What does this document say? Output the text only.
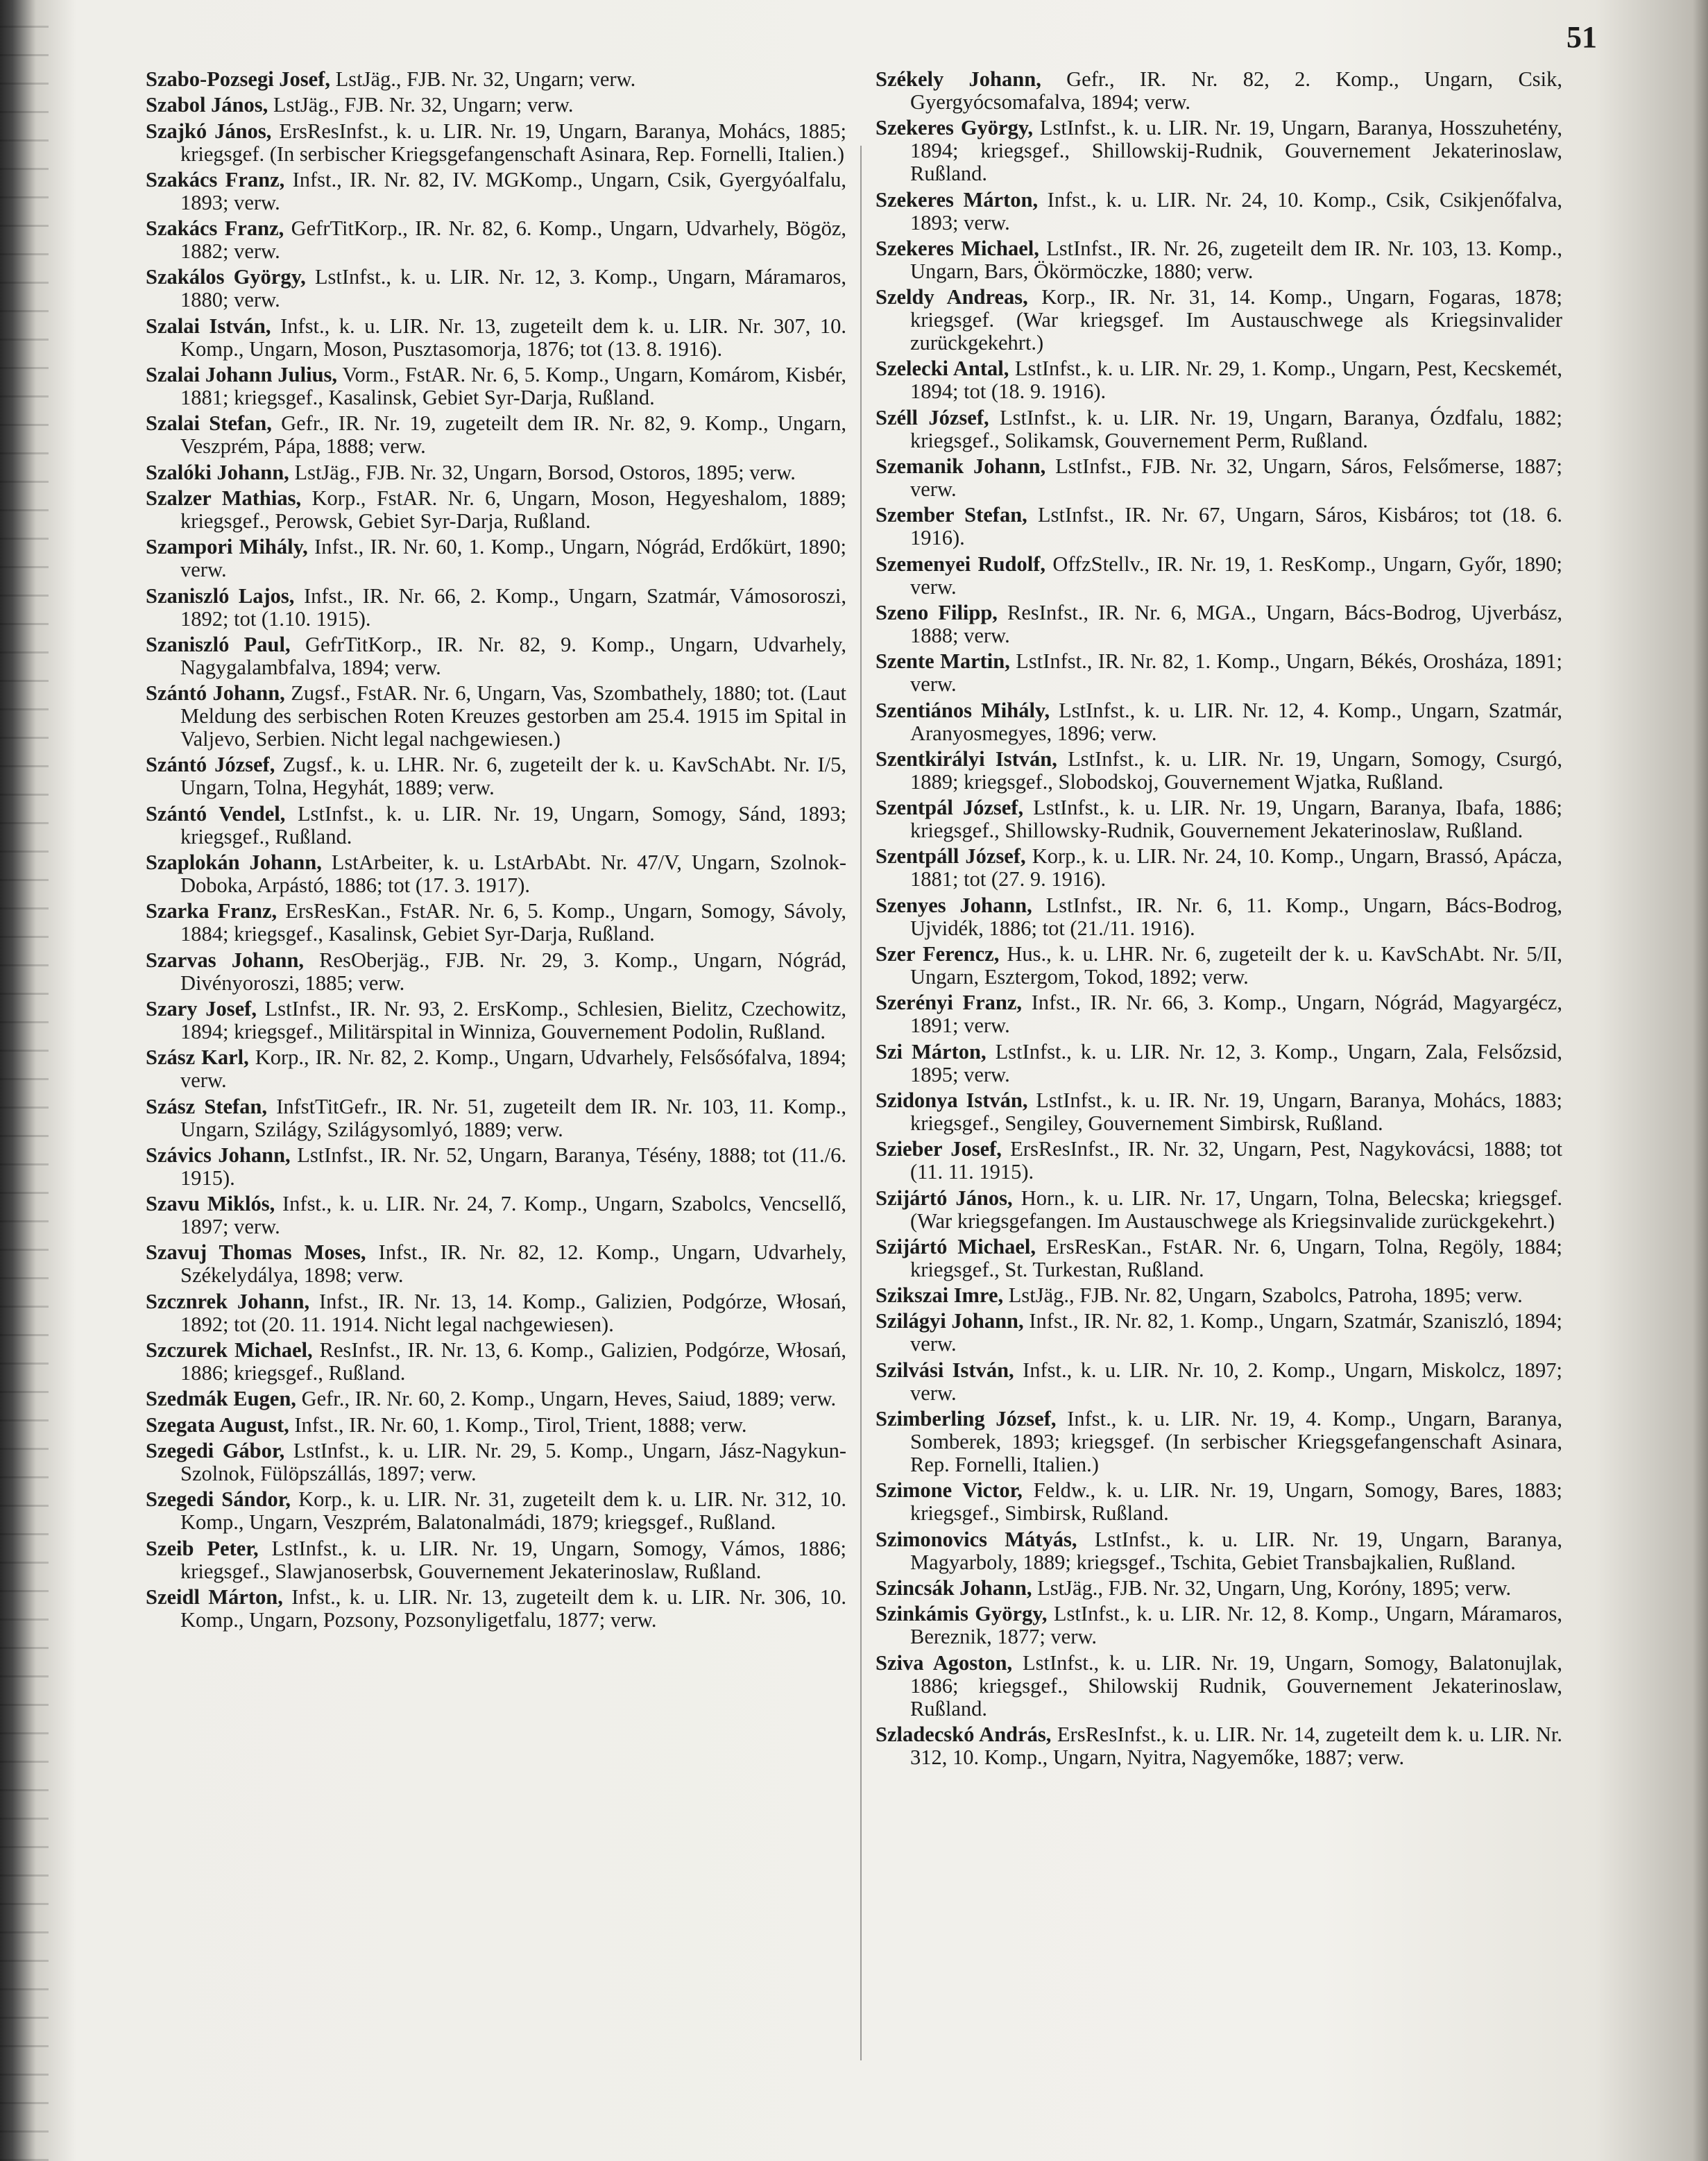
51

Szabo-Pozsegi Josef, LstJäg., FJB. Nr. 32, Ungarn; verw.

Szabol János, LstJäg., FJB. Nr. 32, Ungarn; verw.

Szajkó János, ErsResInfst., k. u. LIR. Nr. 19, Ungarn, Baranya, Mohács, 1885; kriegsgef. (In serbischer Kriegsgefangenschaft Asinara, Rep. Fornelli, Italien.)

Szakács Franz, Infst., IR. Nr. 82, IV. MGKomp., Ungarn, Csik, Gyergyóalfalu, 1893; verw.

Szakács Franz, GefrTitKorp., IR. Nr. 82, 6. Komp., Ungarn, Udvarhely, Bögöz, 1882; verw.

Szakálos György, LstInfst., k. u. LIR. Nr. 12, 3. Komp., Ungarn, Máramaros, 1880; verw.

Szalai István, Infst., k. u. LIR. Nr. 13, zugeteilt dem k. u. LIR. Nr. 307, 10. Komp., Ungarn, Moson, Pusztasomorja, 1876; tot (13. 8. 1916).

Szalai Johann Julius, Vorm., FstAR. Nr. 6, 5. Komp., Ungarn, Komárom, Kisbér, 1881; kriegsgef., Kasalinsk, Gebiet Syr-Darja, Rußland.

Szalai Stefan, Gefr., IR. Nr. 19, zugeteilt dem IR. Nr. 82, 9. Komp., Ungarn, Veszprém, Pápa, 1888; verw.

Szalóki Johann, LstJäg., FJB. Nr. 32, Ungarn, Borsod, Ostoros, 1895; verw.

Szalzer Mathias, Korp., FstAR. Nr. 6, Ungarn, Moson, Hegyeshalom, 1889; kriegsgef., Perowsk, Gebiet Syr-Darja, Rußland.

Szampori Mihály, Infst., IR. Nr. 60, 1. Komp., Ungarn, Nógrád, Erdőkürt, 1890; verw.

Szaniszló Lajos, Infst., IR. Nr. 66, 2. Komp., Ungarn, Szatmár, Vámosoroszi, 1892; tot (1.10. 1915).

Szaniszló Paul, GefrTitKorp., IR. Nr. 82, 9. Komp., Ungarn, Udvarhely, Nagygalambfalva, 1894; verw.

Szántó Johann, Zugsf., FstAR. Nr. 6, Ungarn, Vas, Szombathely, 1880; tot. (Laut Meldung des serbischen Roten Kreuzes gestorben am 25.4. 1915 im Spital in Valjevo, Serbien. Nicht legal nachgewiesen.)

Szántó József, Zugsf., k. u. LHR. Nr. 6, zugeteilt der k. u. KavSchAbt. Nr. I/5, Ungarn, Tolna, Hegyhát, 1889; verw.

Szántó Vendel, LstInfst., k. u. LIR. Nr. 19, Ungarn, Somogy, Sánd, 1893; kriegsgef., Rußland.

Szaplokán Johann, LstArbeiter, k. u. LstArbAbt. Nr. 47/V, Ungarn, Szolnok-Doboka, Arpástó, 1886; tot (17. 3. 1917).

Szarka Franz, ErsResKan., FstAR. Nr. 6, 5. Komp., Ungarn, Somogy, Sávoly, 1884; kriegsgef., Kasalinsk, Gebiet Syr-Darja, Rußland.

Szarvas Johann, ResOberjäg., FJB. Nr. 29, 3. Komp., Ungarn, Nógrád, Divényoroszi, 1885; verw.

Szary Josef, LstInfst., IR. Nr. 93, 2. ErsKomp., Schlesien, Bielitz, Czechowitz, 1894; kriegsgef., Militärspital in Winniza, Gouvernement Podolin, Rußland.

Szász Karl, Korp., IR. Nr. 82, 2. Komp., Ungarn, Udvarhely, Felsősófalva, 1894; verw.

Szász Stefan, InfstTitGefr., IR. Nr. 51, zugeteilt dem IR. Nr. 103, 11. Komp., Ungarn, Szilágy, Szilágysomlyó, 1889; verw.

Szávics Johann, LstInfst., IR. Nr. 52, Ungarn, Baranya, Tésény, 1888; tot (11./6. 1915).

Szavu Miklós, Infst., k. u. LIR. Nr. 24, 7. Komp., Ungarn, Szabolcs, Vencsellő, 1897; verw.

Szavuj Thomas Moses, Infst., IR. Nr. 82, 12. Komp., Ungarn, Udvarhely, Székelydálya, 1898; verw.

Szcznrek Johann, Infst., IR. Nr. 13, 14. Komp., Galizien, Podgórze, Włosań, 1892; tot (20. 11. 1914. Nicht legal nachgewiesen).

Szczurek Michael, ResInfst., IR. Nr. 13, 6. Komp., Galizien, Podgórze, Włosań, 1886; kriegsgef., Rußland.

Szedmák Eugen, Gefr., IR. Nr. 60, 2. Komp., Ungarn, Heves, Saiud, 1889; verw.

Szegata August, Infst., IR. Nr. 60, 1. Komp., Tirol, Trient, 1888; verw.

Szegedi Gábor, LstInfst., k. u. LIR. Nr. 29, 5. Komp., Ungarn, Jász-Nagykun-Szolnok, Fülöpszállás, 1897; verw.

Szegedi Sándor, Korp., k. u. LIR. Nr. 31, zugeteilt dem k. u. LIR. Nr. 312, 10. Komp., Ungarn, Veszprém, Balatonalmádi, 1879; kriegsgef., Rußland.

Szeib Peter, LstInfst., k. u. LIR. Nr. 19, Ungarn, Somogy, Vámos, 1886; kriegsgef., Slawjanoserbsk, Gouvernement Jekaterinoslaw, Rußland.

Szeidl Márton, Infst., k. u. LIR. Nr. 13, zugeteilt dem k. u. LIR. Nr. 306, 10. Komp., Ungarn, Pozsony, Pozsonyligetfalu, 1877; verw.

Székely Johann, Gefr., IR. Nr. 82, 2. Komp., Ungarn, Csik, Gyergyócsomafalva, 1894; verw.

Szekeres György, LstInfst., k. u. LIR. Nr. 19, Ungarn, Baranya, Hosszuhetény, 1894; kriegsgef., Shillowskij-Rudnik, Gouvernement Jekaterinoslaw, Rußland.

Szekeres Márton, Infst., k. u. LIR. Nr. 24, 10. Komp., Csik, Csikjenőfalva, 1893; verw.

Szekeres Michael, LstInfst., IR. Nr. 26, zugeteilt dem IR. Nr. 103, 13. Komp., Ungarn, Bars, Ökörmöczke, 1880; verw.

Szeldy Andreas, Korp., IR. Nr. 31, 14. Komp., Ungarn, Fogaras, 1878; kriegsgef. (War kriegsgef. Im Austauschwege als Kriegsinvalider zurückgekehrt.)

Szelecki Antal, LstInfst., k. u. LIR. Nr. 29, 1. Komp., Ungarn, Pest, Kecskemét, 1894; tot (18. 9. 1916).

Széll József, LstInfst., k. u. LIR. Nr. 19, Ungarn, Baranya, Ózdfalu, 1882; kriegsgef., Solikamsk, Gouvernement Perm, Rußland.

Szemanik Johann, LstInfst., FJB. Nr. 32, Ungarn, Sáros, Felsőmerse, 1887; verw.

Szember Stefan, LstInfst., IR. Nr. 67, Ungarn, Sáros, Kisbáros; tot (18. 6. 1916).

Szemenyei Rudolf, OffzStellv., IR. Nr. 19, 1. ResKomp., Ungarn, Győr, 1890; verw.

Szeno Filipp, ResInfst., IR. Nr. 6, MGA., Ungarn, Bács-Bodrog, Ujverbász, 1888; verw.

Szente Martin, LstInfst., IR. Nr. 82, 1. Komp., Ungarn, Békés, Orosháza, 1891; verw.

Szentiános Mihály, LstInfst., k. u. LIR. Nr. 12, 4. Komp., Ungarn, Szatmár, Aranyosmegyes, 1896; verw.

Szentkirályi István, LstInfst., k. u. LIR. Nr. 19, Ungarn, Somogy, Csurgó, 1889; kriegsgef., Slobodskoj, Gouvernement Wjatka, Rußland.

Szentpál József, LstInfst., k. u. LIR. Nr. 19, Ungarn, Baranya, Ibafa, 1886; kriegsgef., Shillowsky-Rudnik, Gouvernement Jekaterinoslaw, Rußland.

Szentpáll József, Korp., k. u. LIR. Nr. 24, 10. Komp., Ungarn, Brassó, Apácza, 1881; tot (27. 9. 1916).

Szenyes Johann, LstInfst., IR. Nr. 6, 11. Komp., Ungarn, Bács-Bodrog, Ujvidék, 1886; tot (21./11. 1916).

Szer Ferencz, Hus., k. u. LHR. Nr. 6, zugeteilt der k. u. KavSchAbt. Nr. 5/II, Ungarn, Esztergom, Tokod, 1892; verw.

Szerényi Franz, Infst., IR. Nr. 66, 3. Komp., Ungarn, Nógrád, Magyargécz, 1891; verw.

Szi Márton, LstInfst., k. u. LIR. Nr. 12, 3. Komp., Ungarn, Zala, Felsőzsid, 1895; verw.

Szidonya István, LstInfst., k. u. IR. Nr. 19, Ungarn, Baranya, Mohács, 1883; kriegsgef., Sengiley, Gouvernement Simbirsk, Rußland.

Szieber Josef, ErsResInfst., IR. Nr. 32, Ungarn, Pest, Nagykovácsi, 1888; tot (11. 11. 1915).

Szijártó János, Horn., k. u. LIR. Nr. 17, Ungarn, Tolna, Belecska; kriegsgef. (War kriegsgefangen. Im Austauschwege als Kriegsinvalide zurückgekehrt.)

Szijártó Michael, ErsResKan., FstAR. Nr. 6, Ungarn, Tolna, Regöly, 1884; kriegsgef., St. Turkestan, Rußland.

Szikszai Imre, LstJäg., FJB. Nr. 82, Ungarn, Szabolcs, Patroha, 1895; verw.

Szilágyi Johann, Infst., IR. Nr. 82, 1. Komp., Ungarn, Szatmár, Szaniszló, 1894; verw.

Szilvási István, Infst., k. u. LIR. Nr. 10, 2. Komp., Ungarn, Miskolcz, 1897; verw.

Szimberling József, Infst., k. u. LIR. Nr. 19, 4. Komp., Ungarn, Baranya, Somberek, 1893; kriegsgef. (In serbischer Kriegsgefangenschaft Asinara, Rep. Fornelli, Italien.)

Szimone Victor, Feldw., k. u. LIR. Nr. 19, Ungarn, Somogy, Bares, 1883; kriegsgef., Simbirsk, Rußland.

Szimonovics Mátyás, LstInfst., k. u. LIR. Nr. 19, Ungarn, Baranya, Magyarboly, 1889; kriegsgef., Tschita, Gebiet Transbajkalien, Rußland.

Szincsák Johann, LstJäg., FJB. Nr. 32, Ungarn, Ung, Koróny, 1895; verw.

Szinkámis György, LstInfst., k. u. LIR. Nr. 12, 8. Komp., Ungarn, Máramaros, Bereznik, 1877; verw.

Sziva Agoston, LstInfst., k. u. LIR. Nr. 19, Ungarn, Somogy, Balatonujlak, 1886; kriegsgef., Shilowskij Rudnik, Gouvernement Jekaterinoslaw, Rußland.

Szladecskó András, ErsResInfst., k. u. LIR. Nr. 14, zugeteilt dem k. u. LIR. Nr. 312, 10. Komp., Ungarn, Nyitra, Nagyemőke, 1887; verw.
